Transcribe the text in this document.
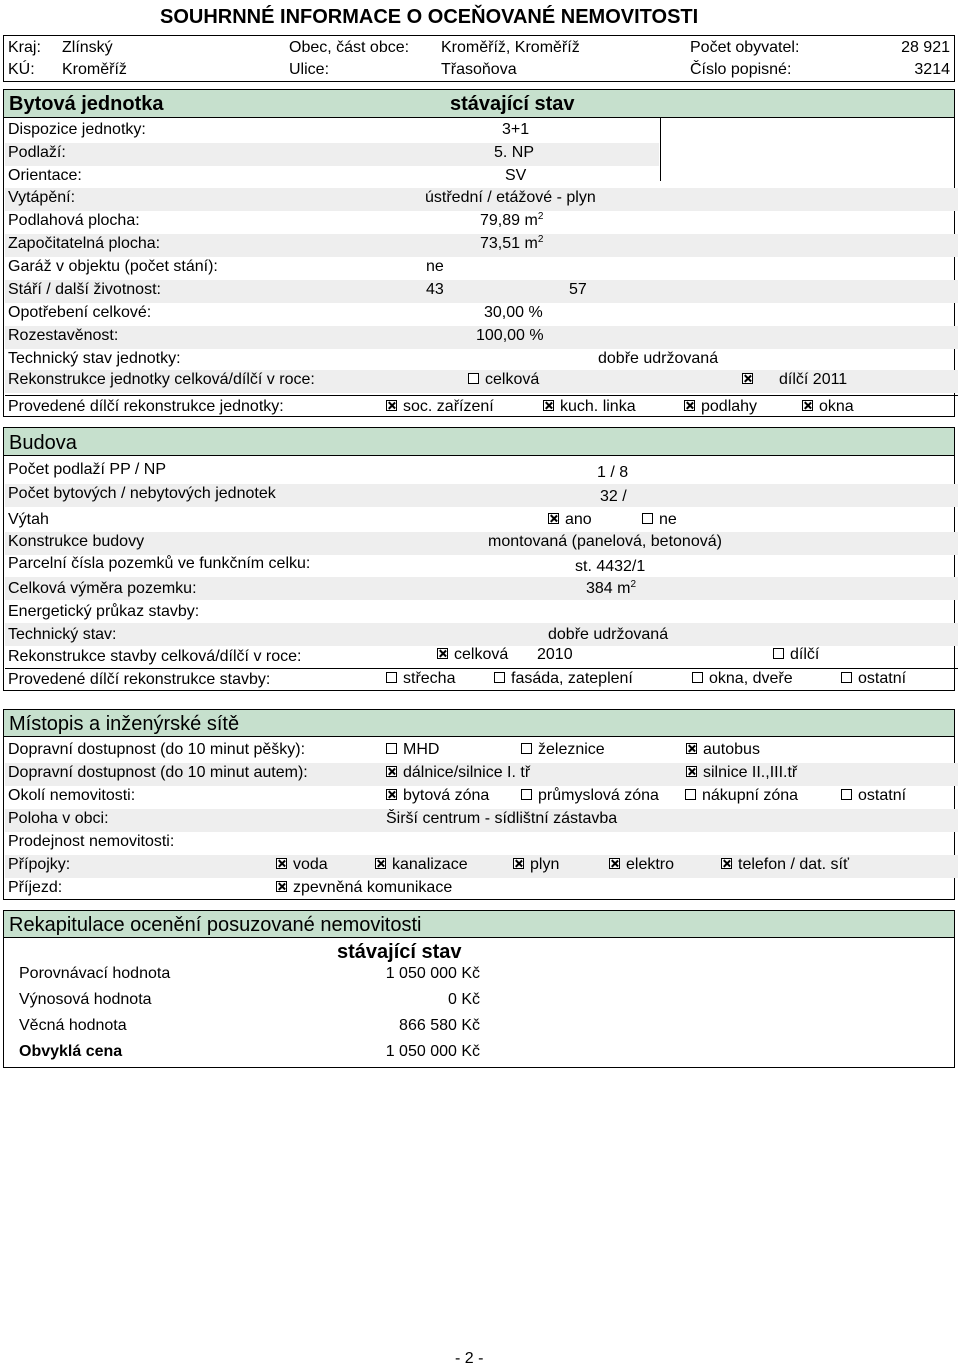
SOUHRNNÉ INFORMACE O OCEŇOVANÉ NEMOVITOSTI
Kraj: Zlínský	Obec, část obce: Kroměříž, Kroměříž	Počet obyvatel:	28 921
KÚ: Kroměříž	Ulice:	Třasoňova	Číslo popisné:	3214
Bytová jednotka	stávající stav
Dispozice jednotky:	3+1
Podlaží:	5. NP
Orientace:	SV
Vytápění:	ústřední / etážové - plyn
Podlahová plocha:	79,89 $m^2$
Započitatelná plocha:	73,51 $m^2$
Garáž v objektu (počet stání):	ne
Stáří / další životnost:	43	57
Opotřebení celkové:	30,00 %
Rozestavěnost:	100,00 %
Technický stav jednotky:	dobře udržovaná
Rekonstrukce jednotky celková/dílčí v roce:	celková	dílčí 2011
Provedené dílčí rekonstrukce jednotky:	soc. zařízení	kuch. linka	podlahy	okna
Budova
Počet podlaží PP / NP	1 / 8
Počet bytových / nebytových jednotek	32 /
Výtah	ano	ne
Konstrukce budovy	montovaná (panelová, betonová)
Parcelní čísla pozemků ve funkčním celku:	st. 4432/1
Celková výměra pozemku:	384 $m^2$
Energetický průkaz stavby:
Technický stav:	dobře udržovaná
Rekonstrukce stavby celková/dílčí v roce:	celková 2010	dílčí
Provedené dílčí rekonstrukce stavby:	střecha	fasáda, zateplení	okna, dveře	ostatní
Místopis a inženýrské sítě
Dopravní dostupnost (do 10 minut pěšky):	MHD	železnice	autobus
Dopravní dostupnost (do 10 minut autem):	dálnice/silnice I. tř	silnice II.,III.tř
Okolí nemovitosti:	bytová zóna	průmyslová zóna	nákupní zóna	ostatní
Poloha v obci:	Širší centrum - sídlištní zástavba
Prodejnost nemovitosti:
Přípojky:	voda	kanalizace	plyn	elektro	telefon / dat. síť
Příjezd:	zpevněná komunikace
Rekapitulace ocenění posuzované nemovitosti
stávající stav
Porovnávací hodnota	1 050 000 Kč
Výnosová hodnota	0 Kč
Věcná hodnota	866 580 Kč
Obvyklá cena	1 050 000 Kč
- 2 -
